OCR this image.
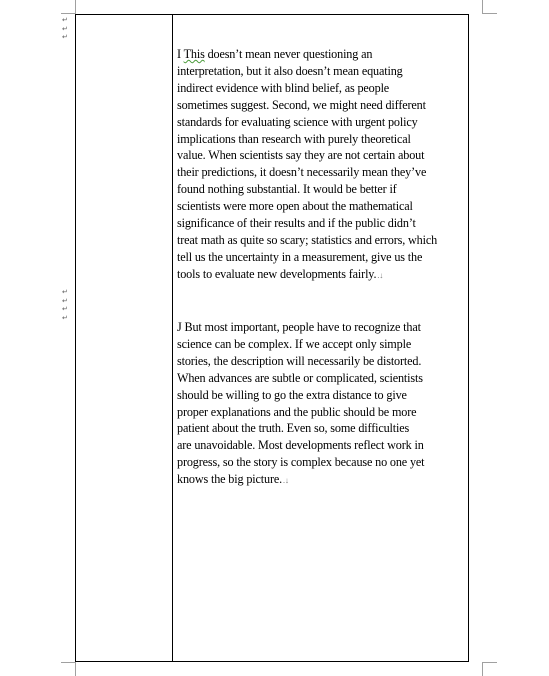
↵
↵
↵
↵
↵
↵
↵
I This doesn’t mean never questioning an
interpretation, but it also doesn’t mean equating
indirect evidence with blind belief, as people
sometimes suggest. Second, we might need different
standards for evaluating science with urgent policy
implications than research with purely theoretical
value. When scientists say they are not certain about
their predictions, it doesn’t necessarily mean they’ve
found nothing substantial. It would be better if
scientists were more open about the mathematical
significance of their results and if the public didn’t
treat math as quite so scary; statistics and errors, which
tell us the uncertainty in a measurement, give us the
tools to evaluate new developments fairly..↓
J But most important, people have to recognize that
science can be complex. If we accept only simple
stories, the description will necessarily be distorted.
When advances are subtle or complicated, scientists
should be willing to go the extra distance to give
proper explanations and the public should be more
patient about the truth. Even so, some difficulties
are unavoidable. Most developments reflect work in
progress, so the story is complex because no one yet
knows the big picture..↓
